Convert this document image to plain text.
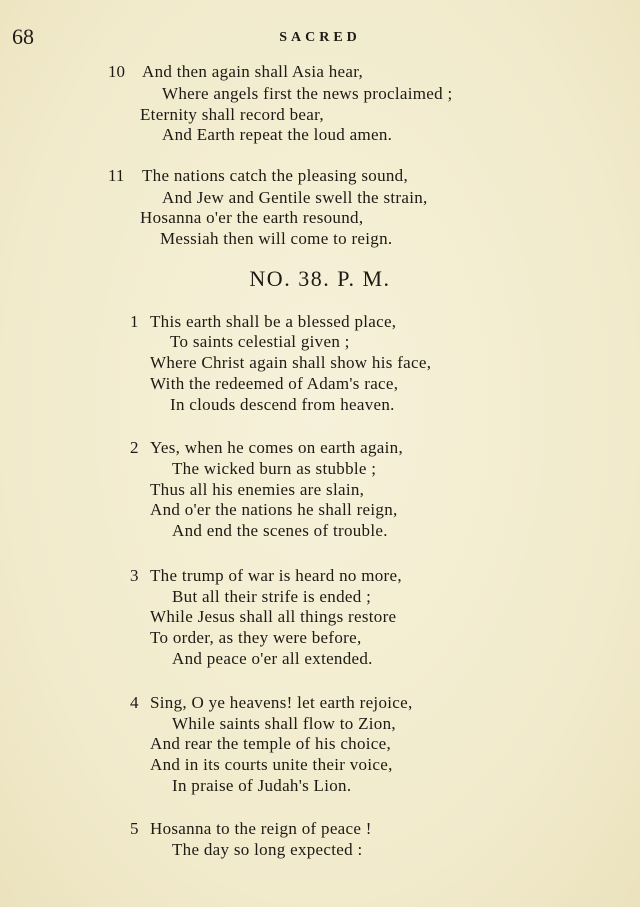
68	SACRED
10 And then again shall Asia hear,
Where angels first the news proclaimed ;
Eternity shall record bear,
And Earth repeat the loud amen.
11 The nations catch the pleasing sound,
And Jew and Gentile swell the strain,
Hosanna o'er the earth resound,
Messiah then will come to reign.
NO. 38. P. M.
1 This earth shall be a blessed place,
To saints celestial given ;
Where Christ again shall show his face,
With the redeemed of Adam's race,
In clouds descend from heaven.
2 Yes, when he comes on earth again,
The wicked burn as stubble ;
Thus all his enemies are slain,
And o'er the nations he shall reign,
And end the scenes of trouble.
3 The trump of war is heard no more,
But all their strife is ended ;
While Jesus shall all things restore
To order, as they were before,
And peace o'er all extended.
4 Sing, O ye heavens! let earth rejoice,
While saints shall flow to Zion,
And rear the temple of his choice,
And in its courts unite their voice,
In praise of Judah's Lion.
5 Hosanna to the reign of peace !
The day so long expected :
